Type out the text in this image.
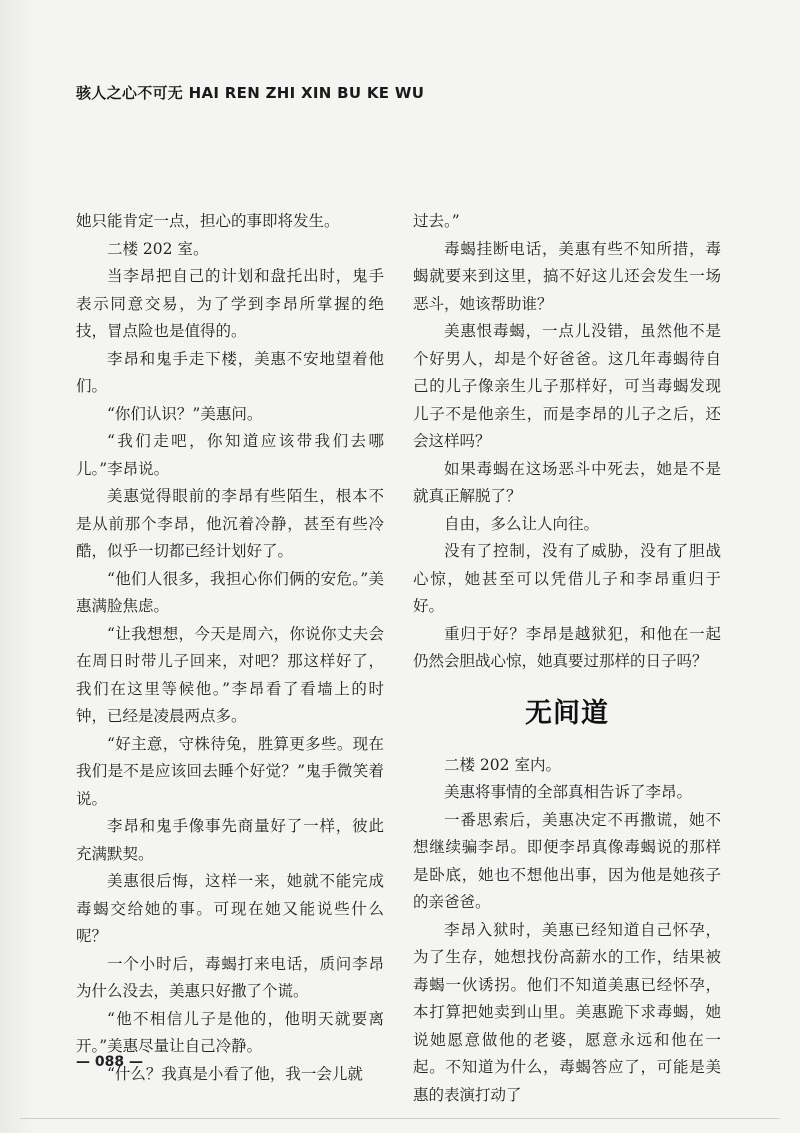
骇人之心不可无 HAI REN ZHI XIN BU KE WU

她只能肯定一点，担心的事即将发生。

二楼 202 室。

当李昂把自己的计划和盘托出时，鬼手表示同意交易，为了学到李昂所掌握的绝技，冒点险也是值得的。

李昂和鬼手走下楼，美惠不安地望着他们。

“你们认识？”美惠问。

“我们走吧，你知道应该带我们去哪儿。”李昂说。

美惠觉得眼前的李昂有些陌生，根本不是从前那个李昂，他沉着冷静，甚至有些冷酷，似乎一切都已经计划好了。

“他们人很多，我担心你们俩的安危。”美惠满脸焦虑。

“让我想想，今天是周六，你说你丈夫会在周日时带儿子回来，对吧？那这样好了，我们在这里等候他。”李昂看了看墙上的时钟，已经是凌晨两点多。

“好主意，守株待兔，胜算更多些。现在我们是不是应该回去睡个好觉？”鬼手微笑着说。

李昂和鬼手像事先商量好了一样，彼此充满默契。

美惠很后悔，这样一来，她就不能完成毒蝎交给她的事。可现在她又能说些什么呢？

一个小时后，毒蝎打来电话，质问李昂为什么没去，美惠只好撒了个谎。

“他不相信儿子是他的，他明天就要离开。”美惠尽量让自己冷静。

“什么？我真是小看了他，我一会儿就

过去。”

毒蝎挂断电话，美惠有些不知所措，毒蝎就要来到这里，搞不好这儿还会发生一场恶斗，她该帮助谁？

美惠恨毒蝎，一点儿没错，虽然他不是个好男人，却是个好爸爸。这几年毒蝎待自己的儿子像亲生儿子那样好，可当毒蝎发现儿子不是他亲生，而是李昂的儿子之后，还会这样吗？

如果毒蝎在这场恶斗中死去，她是不是就真正解脱了？

自由，多么让人向往。

没有了控制，没有了威胁，没有了胆战心惊，她甚至可以凭借儿子和李昂重归于好。

重归于好？李昂是越狱犯，和他在一起仍然会胆战心惊，她真要过那样的日子吗？

无间道

二楼 202 室内。

美惠将事情的全部真相告诉了李昂。

一番思索后，美惠决定不再撒谎，她不想继续骗李昂。即便李昂真像毒蝎说的那样是卧底，她也不想他出事，因为他是她孩子的亲爸爸。

李昂入狱时，美惠已经知道自己怀孕，为了生存，她想找份高薪水的工作，结果被毒蝎一伙诱拐。他们不知道美惠已经怀孕，本打算把她卖到山里。美惠跪下求毒蝎，她说她愿意做他的老婆，愿意永远和他在一起。不知道为什么，毒蝎答应了，可能是美惠的表演打动了

— 088 —
